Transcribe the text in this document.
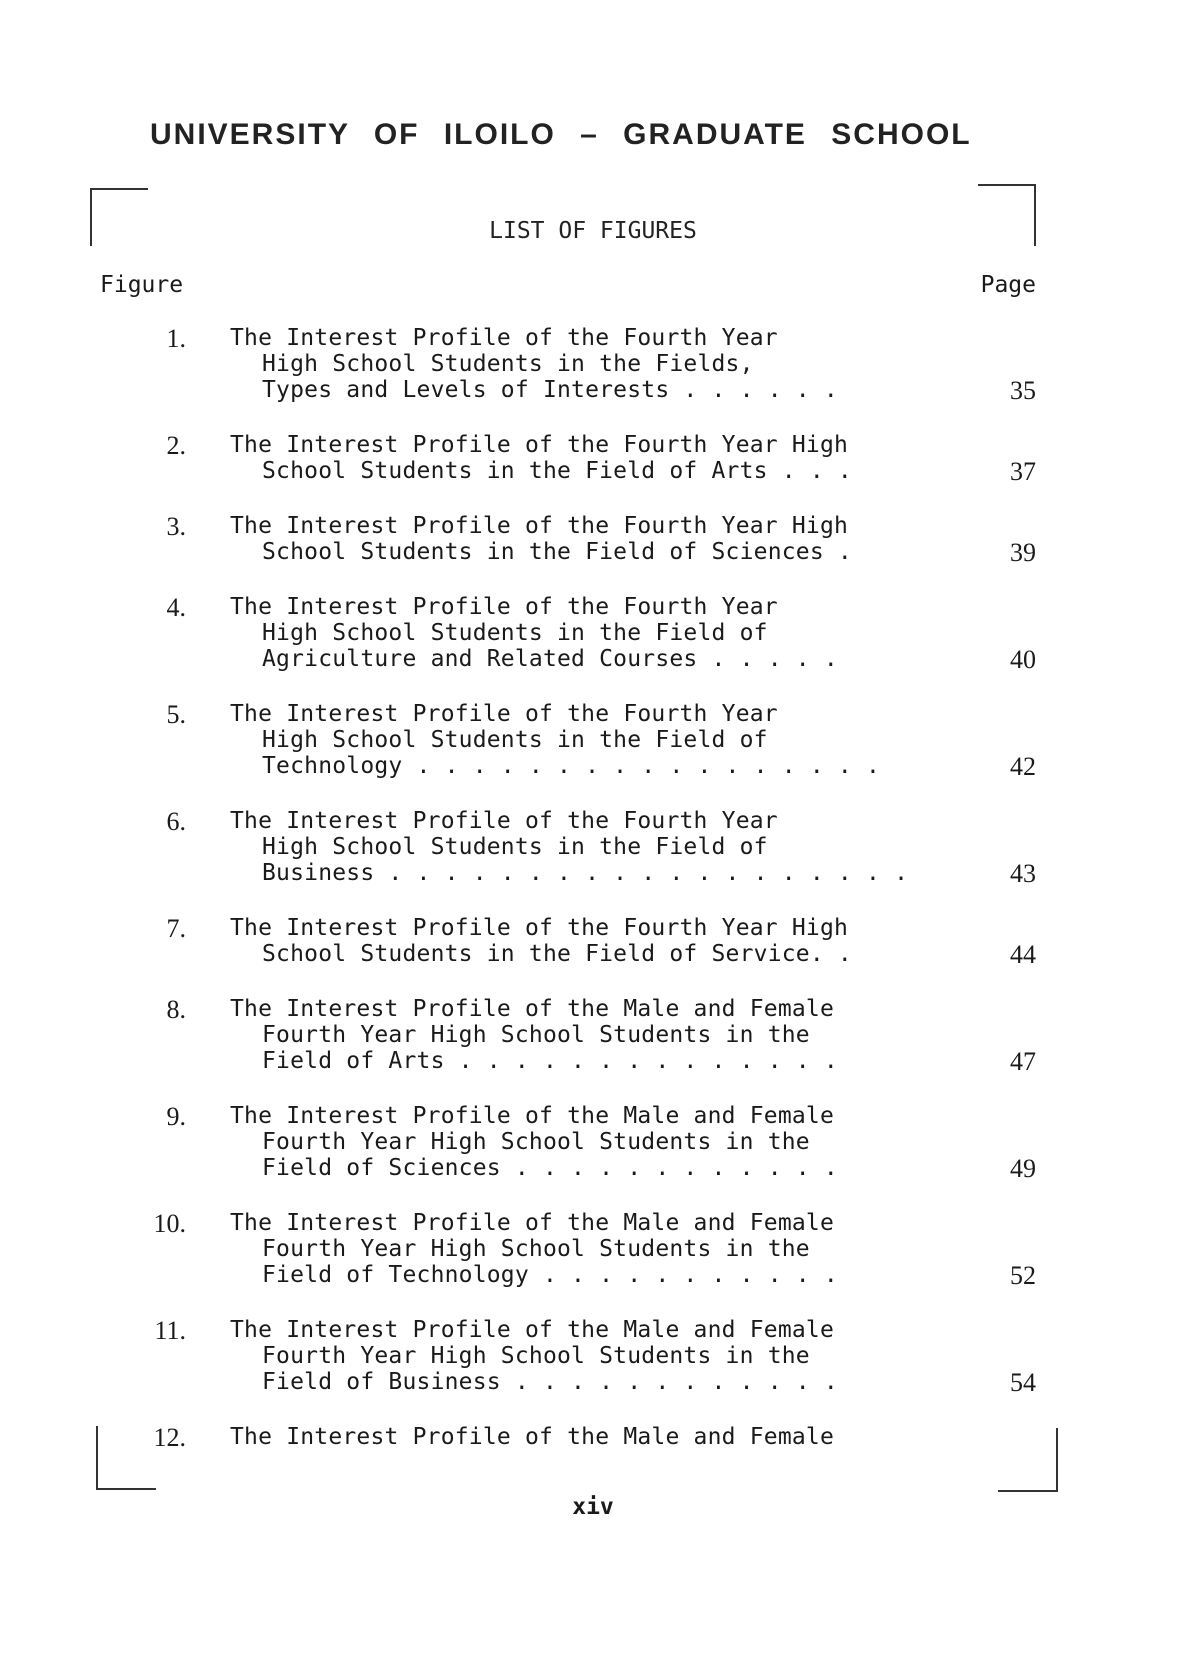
UNIVERSITY OF ILOILO – GRADUATE SCHOOL
LIST OF FIGURES
Figure	Page
1. The Interest Profile of the Fourth Year
High School Students in the Fields,
Types and Levels of Interests . . . . . .	35
2. The Interest Profile of the Fourth Year High
School Students in the Field of Arts . . .	37
3. The Interest Profile of the Fourth Year High
School Students in the Field of Sciences .	39
4. The Interest Profile of the Fourth Year
High School Students in the Field of
Agriculture and Related Courses . . . . .	40
5. The Interest Profile of the Fourth Year
High School Students in the Field of
Technology . . . . . . . . . . . . . . . . .	42
6. The Interest Profile of the Fourth Year
High School Students in the Field of
Business . . . . . . . . . . . . . . . . . . .	43
7. The Interest Profile of the Fourth Year High
School Students in the Field of Service. .	44
8. The Interest Profile of the Male and Female
Fourth Year High School Students in the
Field of Arts . . . . . . . . . . . . . .	47
9. The Interest Profile of the Male and Female
Fourth Year High School Students in the
Field of Sciences . . . . . . . . . . . .	49
10. The Interest Profile of the Male and Female
Fourth Year High School Students in the
Field of Technology . . . . . . . . . . .	52
11. The Interest Profile of the Male and Female
Fourth Year High School Students in the
Field of Business . . . . . . . . . . . .	54
12. The Interest Profile of the Male and Female
xiv
